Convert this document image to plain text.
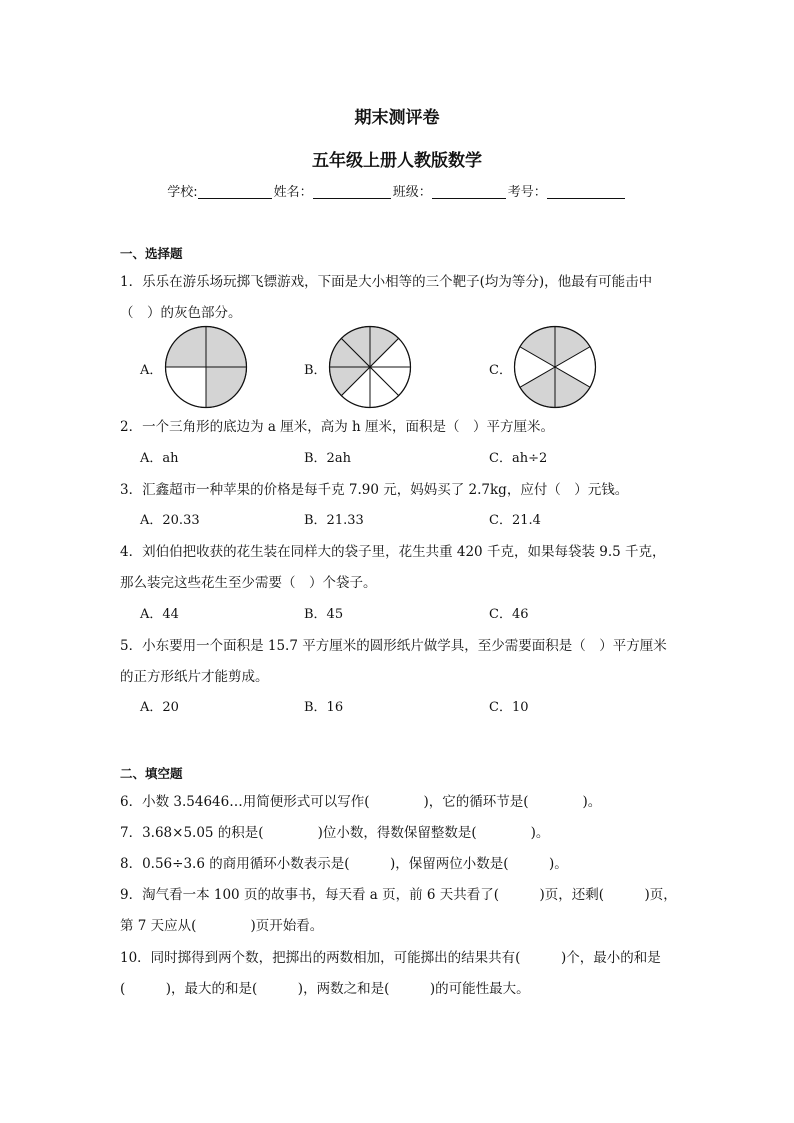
期末测评卷
五年级上册人教版数学
学校:	姓名：	班级：	考号：
一、选择题
1．乐乐在游乐场玩掷飞镖游戏，下面是大小相等的三个靶子(均为等分)，他最有可能击中
（　）的灰色部分。
A．	B．	C．
2．一个三角形的底边为 a 厘米，高为 h 厘米，面积是（　）平方厘米。
A．ah	B．2ah	C．ah÷2
3．汇鑫超市一种苹果的价格是每千克 7.90 元，妈妈买了 2.7kg，应付（　）元钱。
A．20.33	B．21.33	C．21.4
4．刘伯伯把收获的花生装在同样大的袋子里，花生共重 420 千克，如果每袋装 9.5 千克，
那么装完这些花生至少需要（　）个袋子。
A．44	B．45	C．46
5．小东要用一个面积是 15.7 平方厘米的圆形纸片做学具，至少需要面积是（　）平方厘米
的正方形纸片才能剪成。
A．20	B．16	C．10
二、填空题
6．小数 3.54646…用简便形式可以写作(　　　　)，它的循环节是(　　　　)。
7．3.68×5.05 的积是(　　　　)位小数，得数保留整数是(　　　　)。
8．0.56÷3.6 的商用循环小数表示是(　　　)，保留两位小数是(　　　)。
9．淘气看一本 100 页的故事书，每天看 a 页，前 6 天共看了(　　　)页，还剩(　　　)页，
第 7 天应从(　　　　)页开始看。
10．同时掷得到两个数，把掷出的两数相加，可能掷出的结果共有(　　　)个，最小的和是
(　　　)，最大的和是(　　　)，两数之和是(　　　)的可能性最大。
